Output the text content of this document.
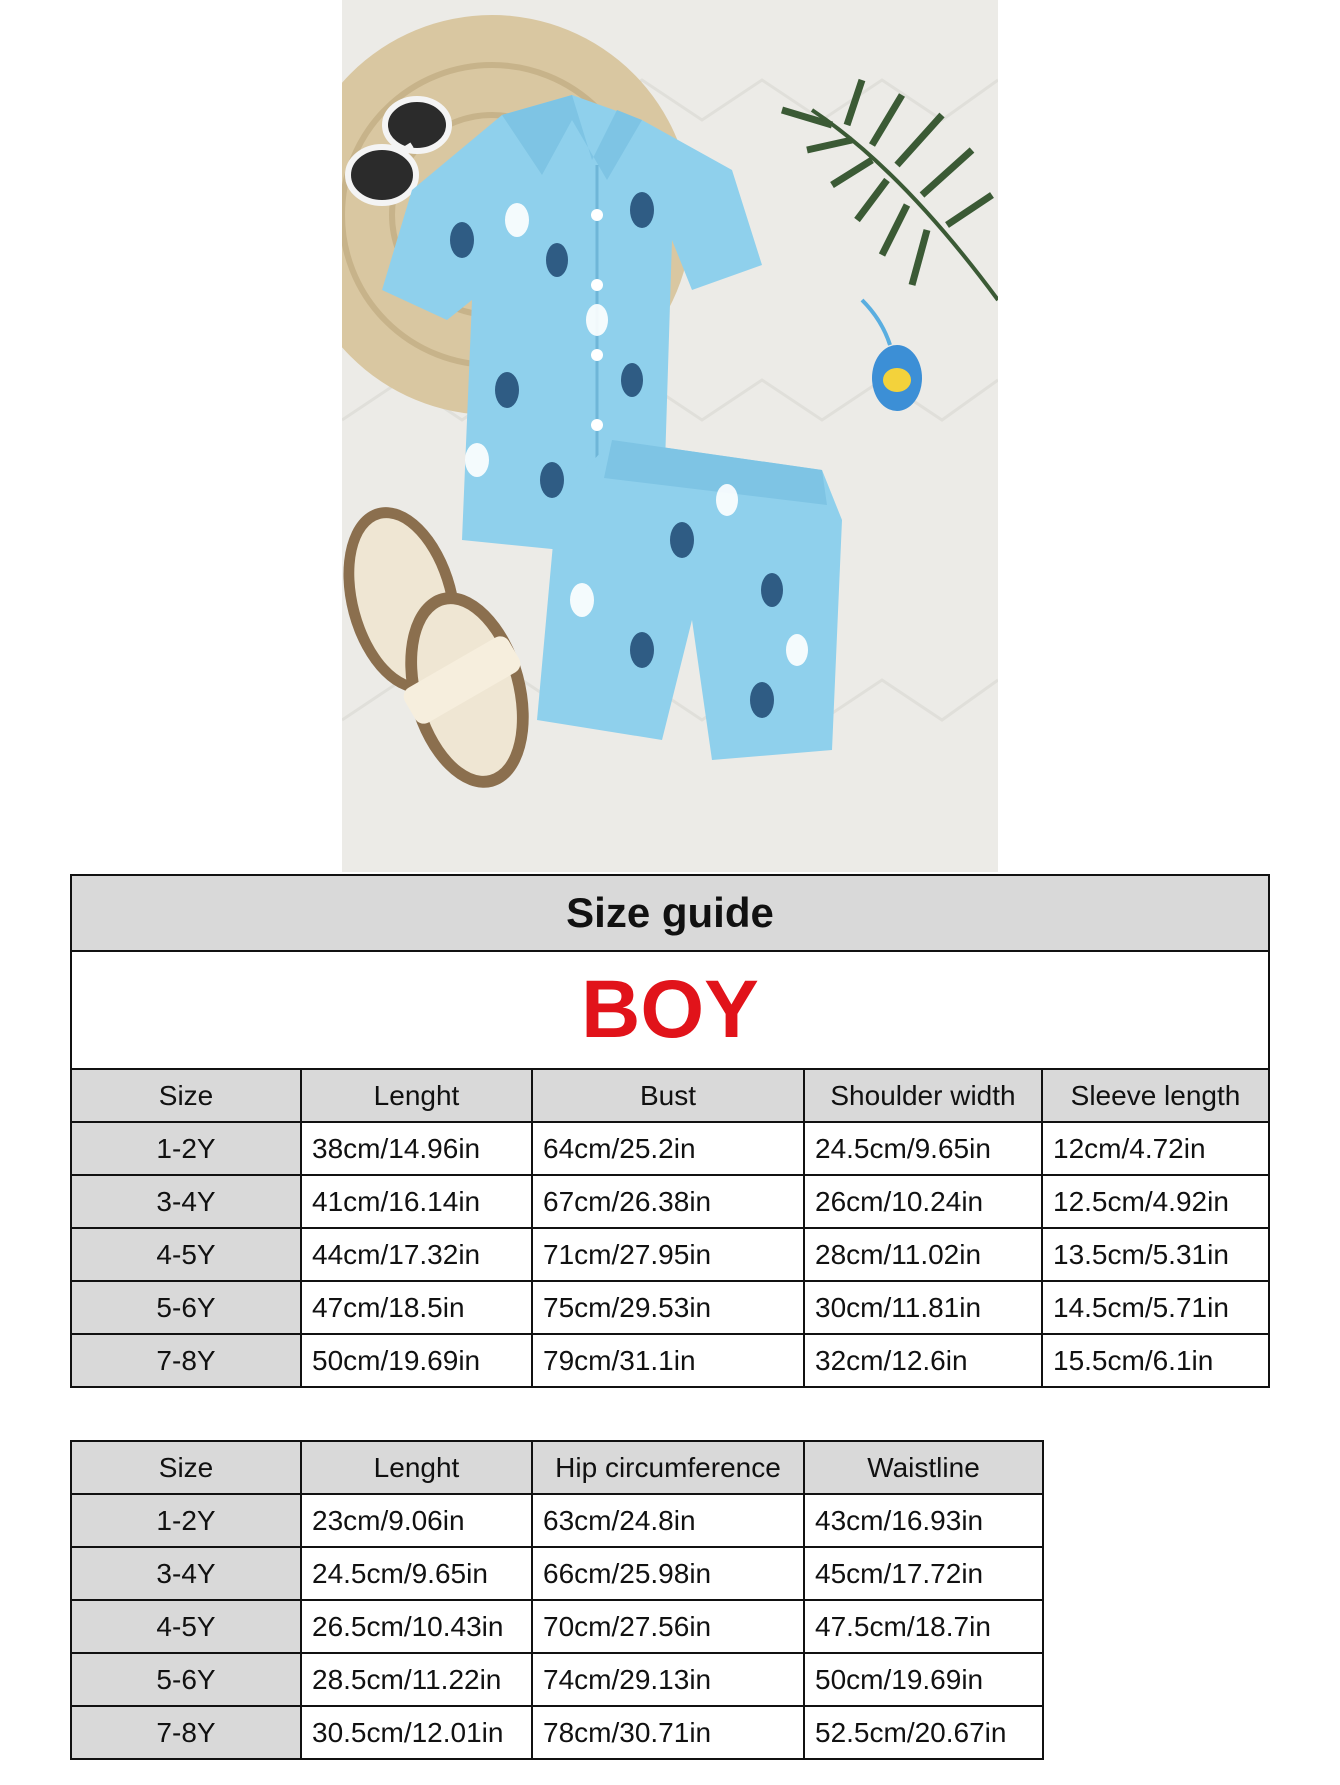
Size guide				
BOY				
Size	Lenght	Bust	Shoulder width	Sleeve length
1-2Y	38cm/14.96in	64cm/25.2in	24.5cm/9.65in	12cm/4.72in
3-4Y	41cm/16.14in	67cm/26.38in	26cm/10.24in	12.5cm/4.92in
4-5Y	44cm/17.32in	71cm/27.95in	28cm/11.02in	13.5cm/5.31in
5-6Y	47cm/18.5in	75cm/29.53in	30cm/11.81in	14.5cm/5.71in
7-8Y	50cm/19.69in	79cm/31.1in	32cm/12.6in	15.5cm/6.1in
Size	Lenght	Hip circumference	Waistline
1-2Y	23cm/9.06in	63cm/24.8in	43cm/16.93in
3-4Y	24.5cm/9.65in	66cm/25.98in	45cm/17.72in
4-5Y	26.5cm/10.43in	70cm/27.56in	47.5cm/18.7in
5-6Y	28.5cm/11.22in	74cm/29.13in	50cm/19.69in
7-8Y	30.5cm/12.01in	78cm/30.71in	52.5cm/20.67in
